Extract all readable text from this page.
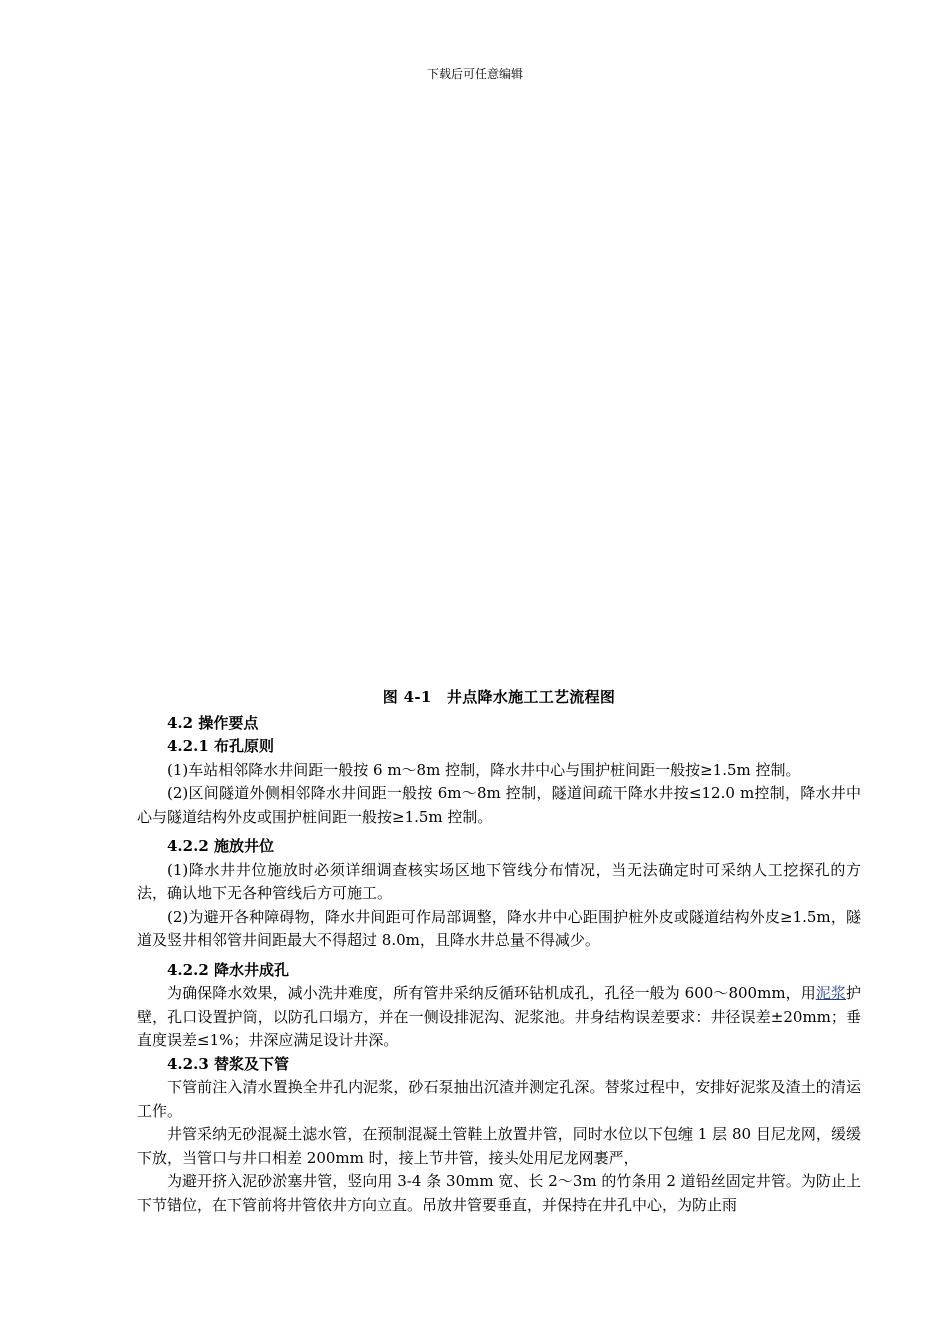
下载后可任意编辑

图 4-1　井点降水施工工艺流程图

4.2 操作要点

4.2.1 布孔原则

(1)车站相邻降水井间距一般按 6 m～8m 控制，降水井中心与围护桩间距一般按≥1.5m 控制。

(2)区间隧道外侧相邻降水井间距一般按 6m～8m 控制，隧道间疏干降水井按≤12.0 m控制，降水井中心与隧道结构外皮或围护桩间距一般按≥1.5m 控制。

4.2.2 施放井位

(1)降水井井位施放时必须详细调查核实场区地下管线分布情况，当无法确定时可采纳人工挖探孔的方法，确认地下无各种管线后方可施工。

(2)为避开各种障碍物，降水井间距可作局部调整，降水井中心距围护桩外皮或隧道结构外皮≥1.5m，隧道及竖井相邻管井间距最大不得超过 8.0m，且降水井总量不得减少。

4.2.2 降水井成孔

为确保降水效果，减小洗井难度，所有管井采纳反循环钻机成孔，孔径一般为 600～800mm，用泥浆护壁，孔口设置护筒，以防孔口塌方，并在一侧设排泥沟、泥浆池。井身结构误差要求：井径误差±20mm；垂直度误差≤1%；井深应满足设计井深。

4.2.3 替浆及下管

下管前注入清水置换全井孔内泥浆，砂石泵抽出沉渣并测定孔深。替浆过程中，安排好泥浆及渣土的清运工作。

井管采纳无砂混凝土滤水管，在预制混凝土管鞋上放置井管，同时水位以下包缠 1 层 80 目尼龙网，缓缓下放，当管口与井口相差 200mm 时，接上节井管，接头处用尼龙网裹严，

为避开挤入泥砂淤塞井管，竖向用 3-4 条 30mm 宽、长 2～3m 的竹条用 2 道铅丝固定井管。为防止上下节错位，在下管前将井管依井方向立直。吊放井管要垂直，并保持在井孔中心，为防止雨
